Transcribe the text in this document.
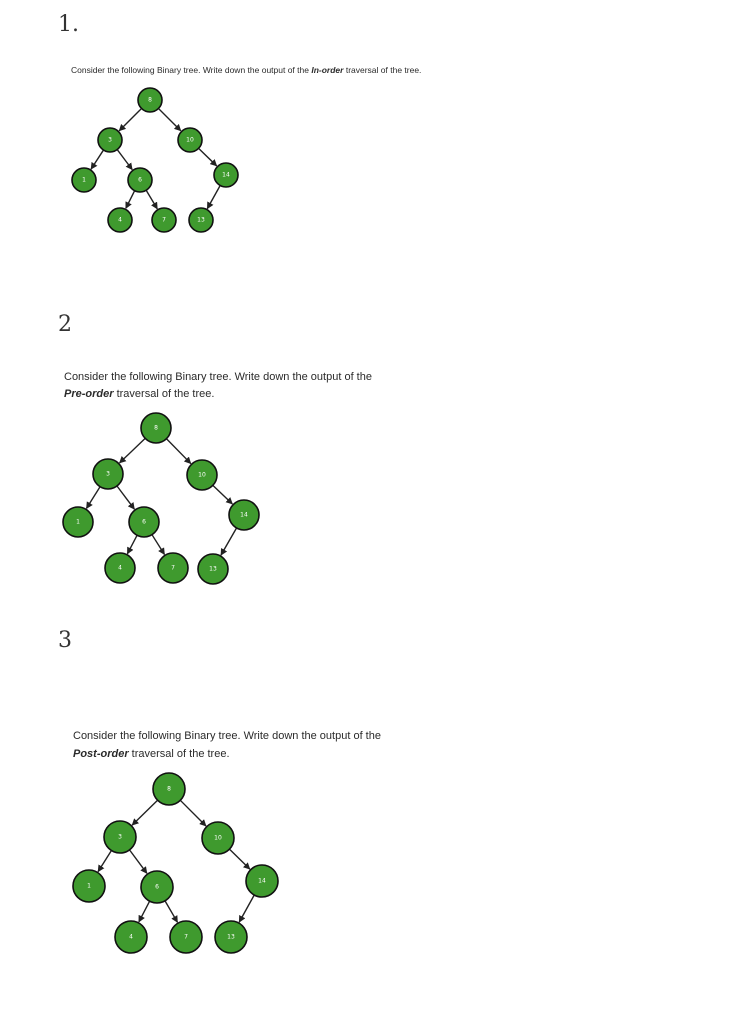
1.

Consider the following Binary tree. Write down the output of the In-order traversal of the tree.

8
3	10
1	6
14
4	7	13
2

Consider the following Binary tree. Write down the output of the
Pre-order traversal of the tree.

8
3	10
1	6
14
4	7	13
3

Consider the following Binary tree. Write down the output of the
Post-order traversal of the tree.

8
3	10
1	6
14
4	7	13
